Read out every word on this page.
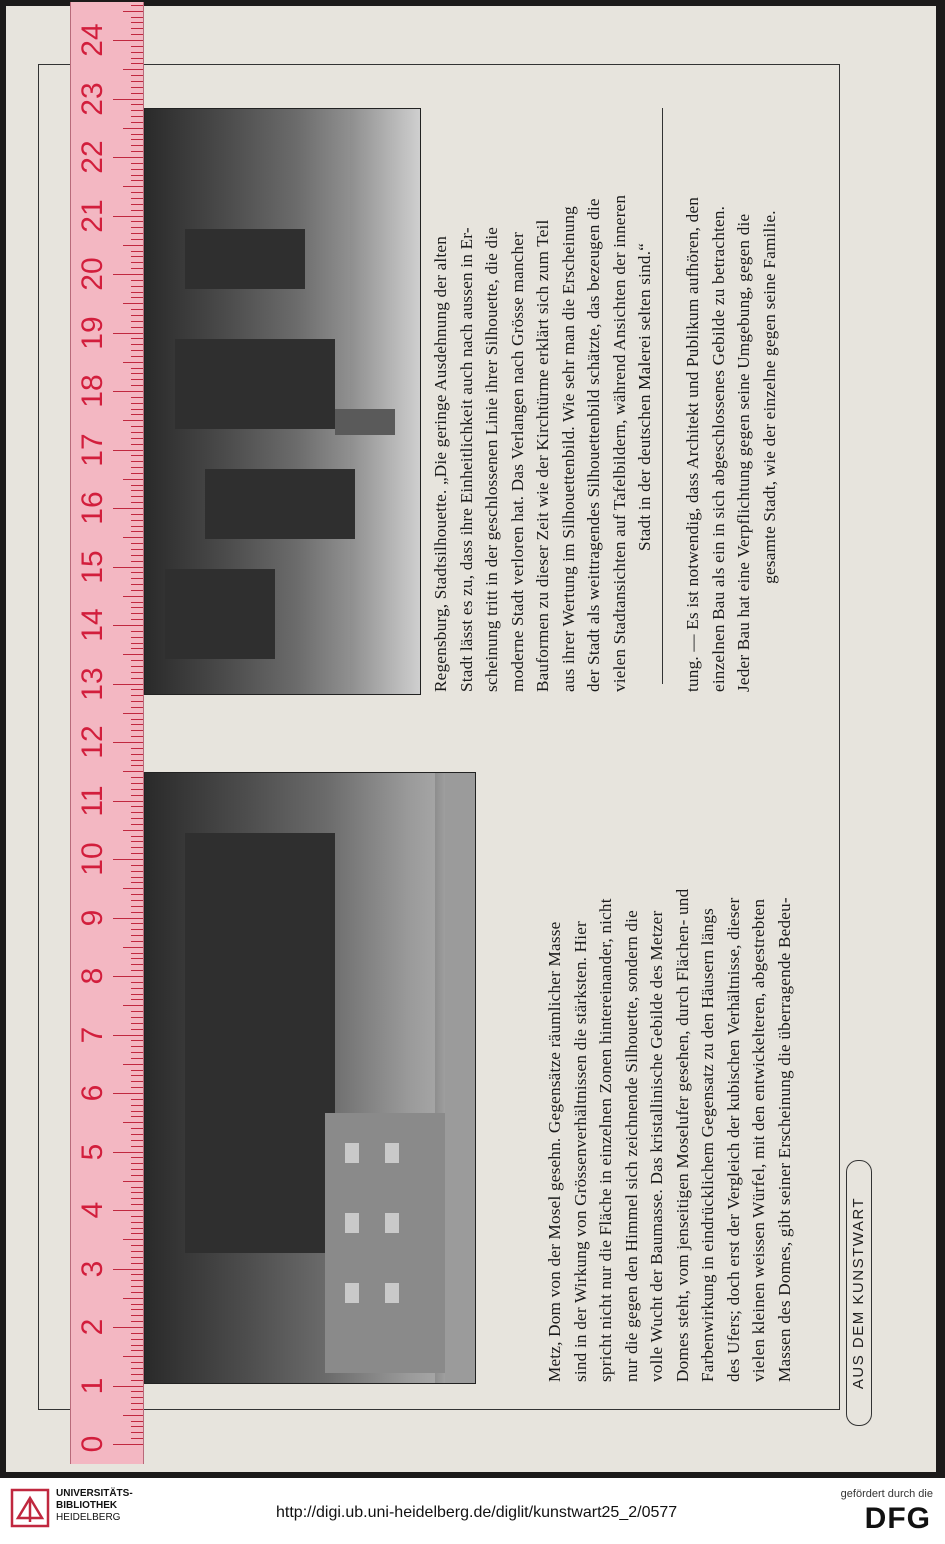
0
1
2
3
4
5
6
7
8
9
10
11
12
13
14
15
16
17
18
19
20
21
22
23
24

Regensburg, Stadtsilhouette. „Die geringe Ausdehnung der alten Stadt lässt es zu, dass ihre Einheitlichkeit auch nach aussen in Er- scheinung tritt in der geschlossenen Linie ihrer Silhouette, die die moderne Stadt verloren hat. Das Verlangen nach Grösse mancher Bauformen zu dieser Zeit wie der Kirchtürme erklärt sich zum Teil aus ihrer Wertung im Silhouettenbild. Wie sehr man die Erscheinung der Stadt als weittragendes Silhouettenbild schätzte, das bezeugen die vielen Stadtansichten auf Tafelbildern, während Ansichten der inneren Stadt in der deutschen Malerei selten sind.“ tung. — Es ist notwendig, dass Architekt und Publikum aufhören, den einzelnen Bau als ein in sich abgeschlossenes Gebilde zu betrachten. Jeder Bau hat eine Verpflichtung gegen seine Umgebung, gegen die gesamte Stadt, wie der einzelne gegen seine Familie.

Metz, Dom von der Mosel gesehn. Gegensätze räumlicher Masse sind in der Wirkung von Grössenverhältnissen die stärksten. Hier spricht nicht nur die Fläche in einzelnen Zonen hintereinander, nicht nur die gegen den Himmel sich zeichnende Silhouette, sondern die volle Wucht der Baumasse. Das kristallinische Gebilde des Metzer Domes steht, vom jenseitigen Moselufer gesehen, durch Flächen- und Farbenwirkung in eindrücklichem Gegensatz zu den Häusern längs des Ufers; doch erst der Vergleich der kubischen Verhältnisse, dieser vielen kleinen weissen Würfel, mit den entwickelteren, abgestrebten Massen des Domes, gibt seiner Erscheinung die überragende Bedeu-	AUS DEM KUNSTWART
UNIVERSITÄTS-
BIBLIOTHEK
HEIDELBERG	http://digi.ub.uni-heidelberg.de/diglit/kunstwart25_2/0577
gefördert durch die
DFG
